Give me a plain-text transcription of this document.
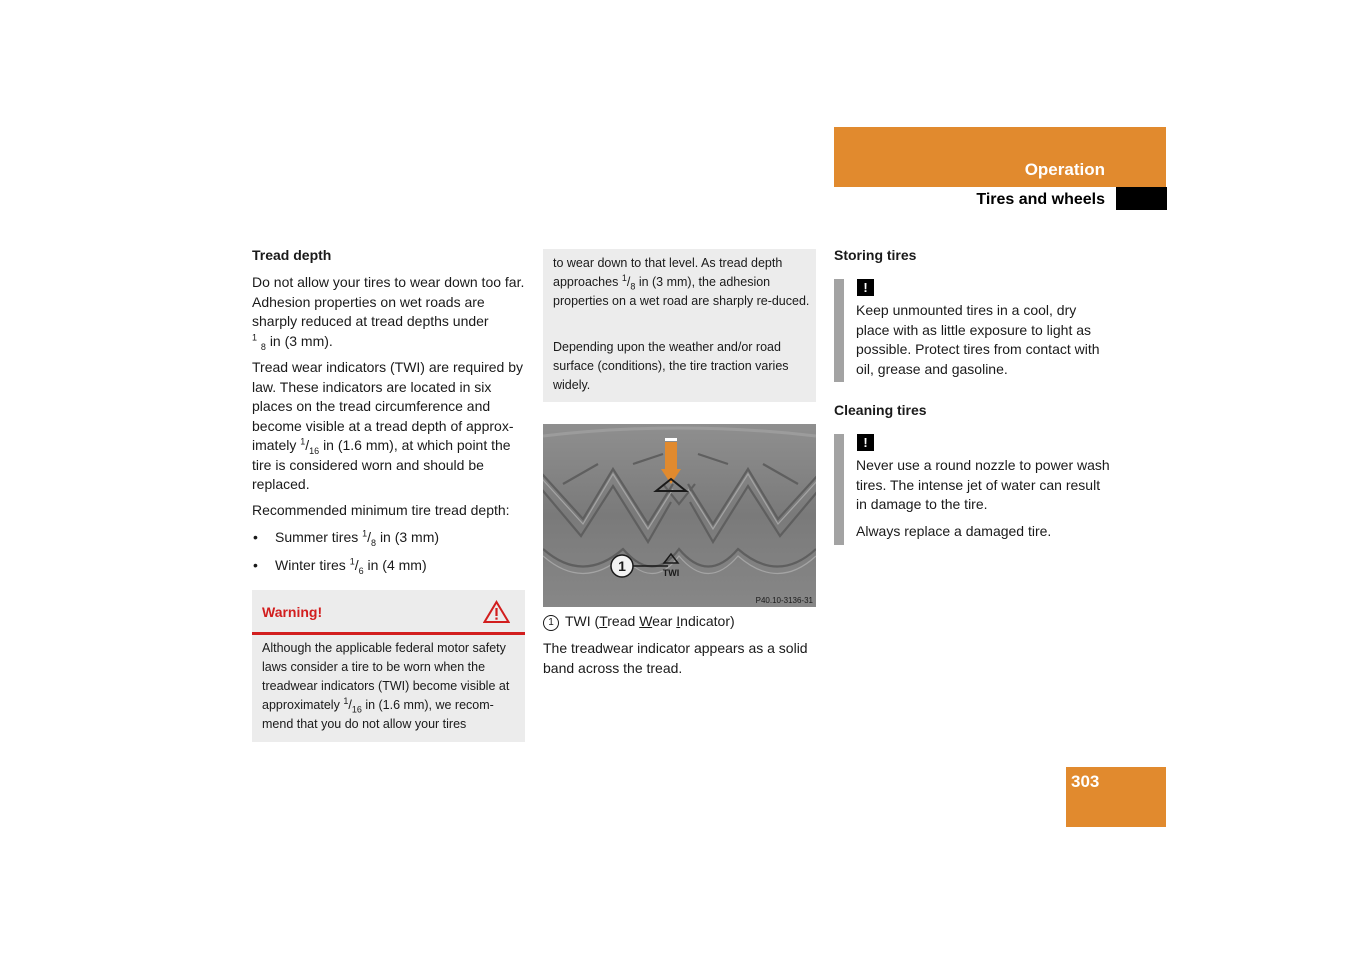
Operation
Tires and wheels
Tread depth
Do not allow your tires to wear down too far. Adhesion properties on wet roads are sharply reduced at tread depths under
$^1$ $_8$ in (3 mm).
Tread wear indicators (TWI) are required by law. These indicators are located in six places on the tread circumference and become visible at a tread depth of approx-imately $^1/_{16}$ in (1.6 mm), at which point the tire is considered worn and should be replaced.
Recommended minimum tire tread depth:
• Summer tires $^1/_8$ in (3 mm)
• Winter tires $^1/_6$ in (4 mm)
Warning!
Although the applicable federal motor safety laws consider a tire to be worn when the treadwear indicators (TWI) become visible at approximately $^1/_{16}$ in (1.6 mm), we recom-mend that you do not allow your tires
to wear down to that level. As tread depth approaches $^1/_8$ in (3 mm), the adhesion properties on a wet road are sharply re-duced.
Depending upon the weather and/or road surface (conditions), the tire traction varies widely.
1	TWI
P40.10-3136-31
1 TWI (Tread Wear Indicator)
The treadwear indicator appears as a solid band across the tread.
Storing tires
!
Keep unmounted tires in a cool, dry place with as little exposure to light as possible. Protect tires from contact with oil, grease and gasoline.
Cleaning tires
!
Never use a round nozzle to power wash tires. The intense jet of water can result in damage to the tire.
Always replace a damaged tire.
303
